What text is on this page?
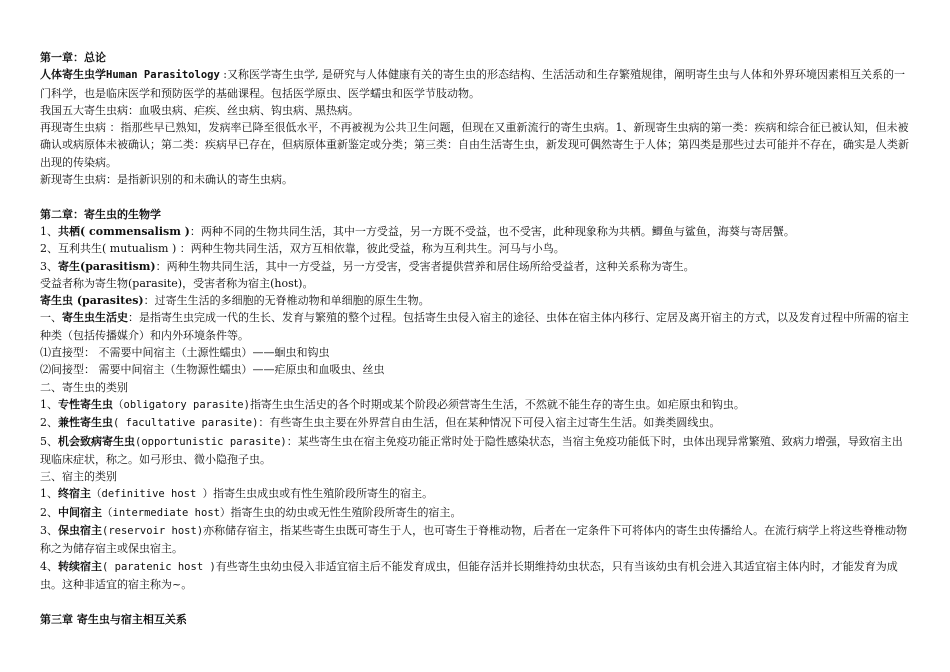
第一章：总论

人体寄生虫学Human Parasitology :又称医学寄生虫学, 是研究与人体健康有关的寄生虫的形态结构、生活活动和生存繁殖规律，阐明寄生虫与人体和外界环境因素相互关系的一门科学，也是临床医学和预防医学的基础课程。包括医学原虫、医学蠕虫和医学节肢动物。

我国五大寄生虫病：血吸虫病、疟疾、丝虫病、钩虫病、黑热病。

再现寄生虫病 ：指那些早已熟知，发病率已降至很低水平，不再被视为公共卫生问题，但现在又重新流行的寄生虫病。1、新现寄生虫病的第一类：疾病和综合征已被认知，但未被确认或病原体未被确认；第二类：疾病早已存在，但病原体重新鉴定或分类；第三类：自由生活寄生虫，新发现可偶然寄生于人体；第四类是那些过去可能并不存在，确实是人类新出现的传染病。

新现寄生虫病：是指新识别的和未确认的寄生虫病。

第二章：寄生虫的生物学

1、共栖( commensalism )：两种不同的生物共同生活，其中一方受益，另一方既不受益，也不受害，此种现象称为共栖。鲫鱼与鲨鱼，海葵与寄居蟹。

2、互利共生( mutualism ) ：两种生物共同生活，双方互相依靠，彼此受益，称为互利共生。河马与小鸟。

3、寄生(parasitism)：两种生物共同生活，其中一方受益，另一方受害，受害者提供营养和居住场所给受益者，这种关系称为寄生。

受益者称为寄生物(parasite)，受害者称为宿主(host)。

寄生虫 (parasites)：过寄生生活的多细胞的无脊椎动物和单细胞的原生生物。

一、寄生虫生活史：是指寄生虫完成一代的生长、发育与繁殖的整个过程。包括寄生虫侵入宿主的途径、虫体在宿主体内移行、定居及离开宿主的方式，以及发育过程中所需的宿主种类（包括传播媒介）和内外环境条件等。

⑴直接型： 不需要中间宿主（土源性蠕虫）——蛔虫和钩虫

⑵间接型： 需要中间宿主（生物源性蠕虫）——疟原虫和血吸虫、丝虫

二、寄生虫的类别

1、专性寄生虫（obligatory parasite)指寄生虫生活史的各个时期或某个阶段必须营寄生生活，不然就不能生存的寄生虫。如疟原虫和钩虫。

2、兼性寄生虫( facultative parasite)：有些寄生虫主要在外界营自由生活，但在某种情况下可侵入宿主过寄生生活。如粪类圆线虫。

5、机会致病寄生虫(opportunistic parasite)：某些寄生虫在宿主免疫功能正常时处于隐性感染状态，当宿主免疫功能低下时，虫体出现异常繁殖、致病力增强，导致宿主出现临床症状，称之。如弓形虫、微小隐孢子虫。

三、宿主的类别

1、终宿主（definitive host ）指寄生虫成虫或有性生殖阶段所寄生的宿主。

2、中间宿主（intermediate host）指寄生虫的幼虫或无性生殖阶段所寄生的宿主。

3、保虫宿主(reservoir host)亦称储存宿主，指某些寄生虫既可寄生于人，也可寄生于脊椎动物，后者在一定条件下可将体内的寄生虫传播给人。在流行病学上将这些脊椎动物称之为储存宿主或保虫宿主。

4、转续宿主( paratenic host )有些寄生虫幼虫侵入非适宜宿主后不能发育成虫，但能存活并长期维持幼虫状态，只有当该幼虫有机会进入其适宜宿主体内时，才能发育为成虫。这种非适宜的宿主称为~。

第三章 寄生虫与宿主相互关系
